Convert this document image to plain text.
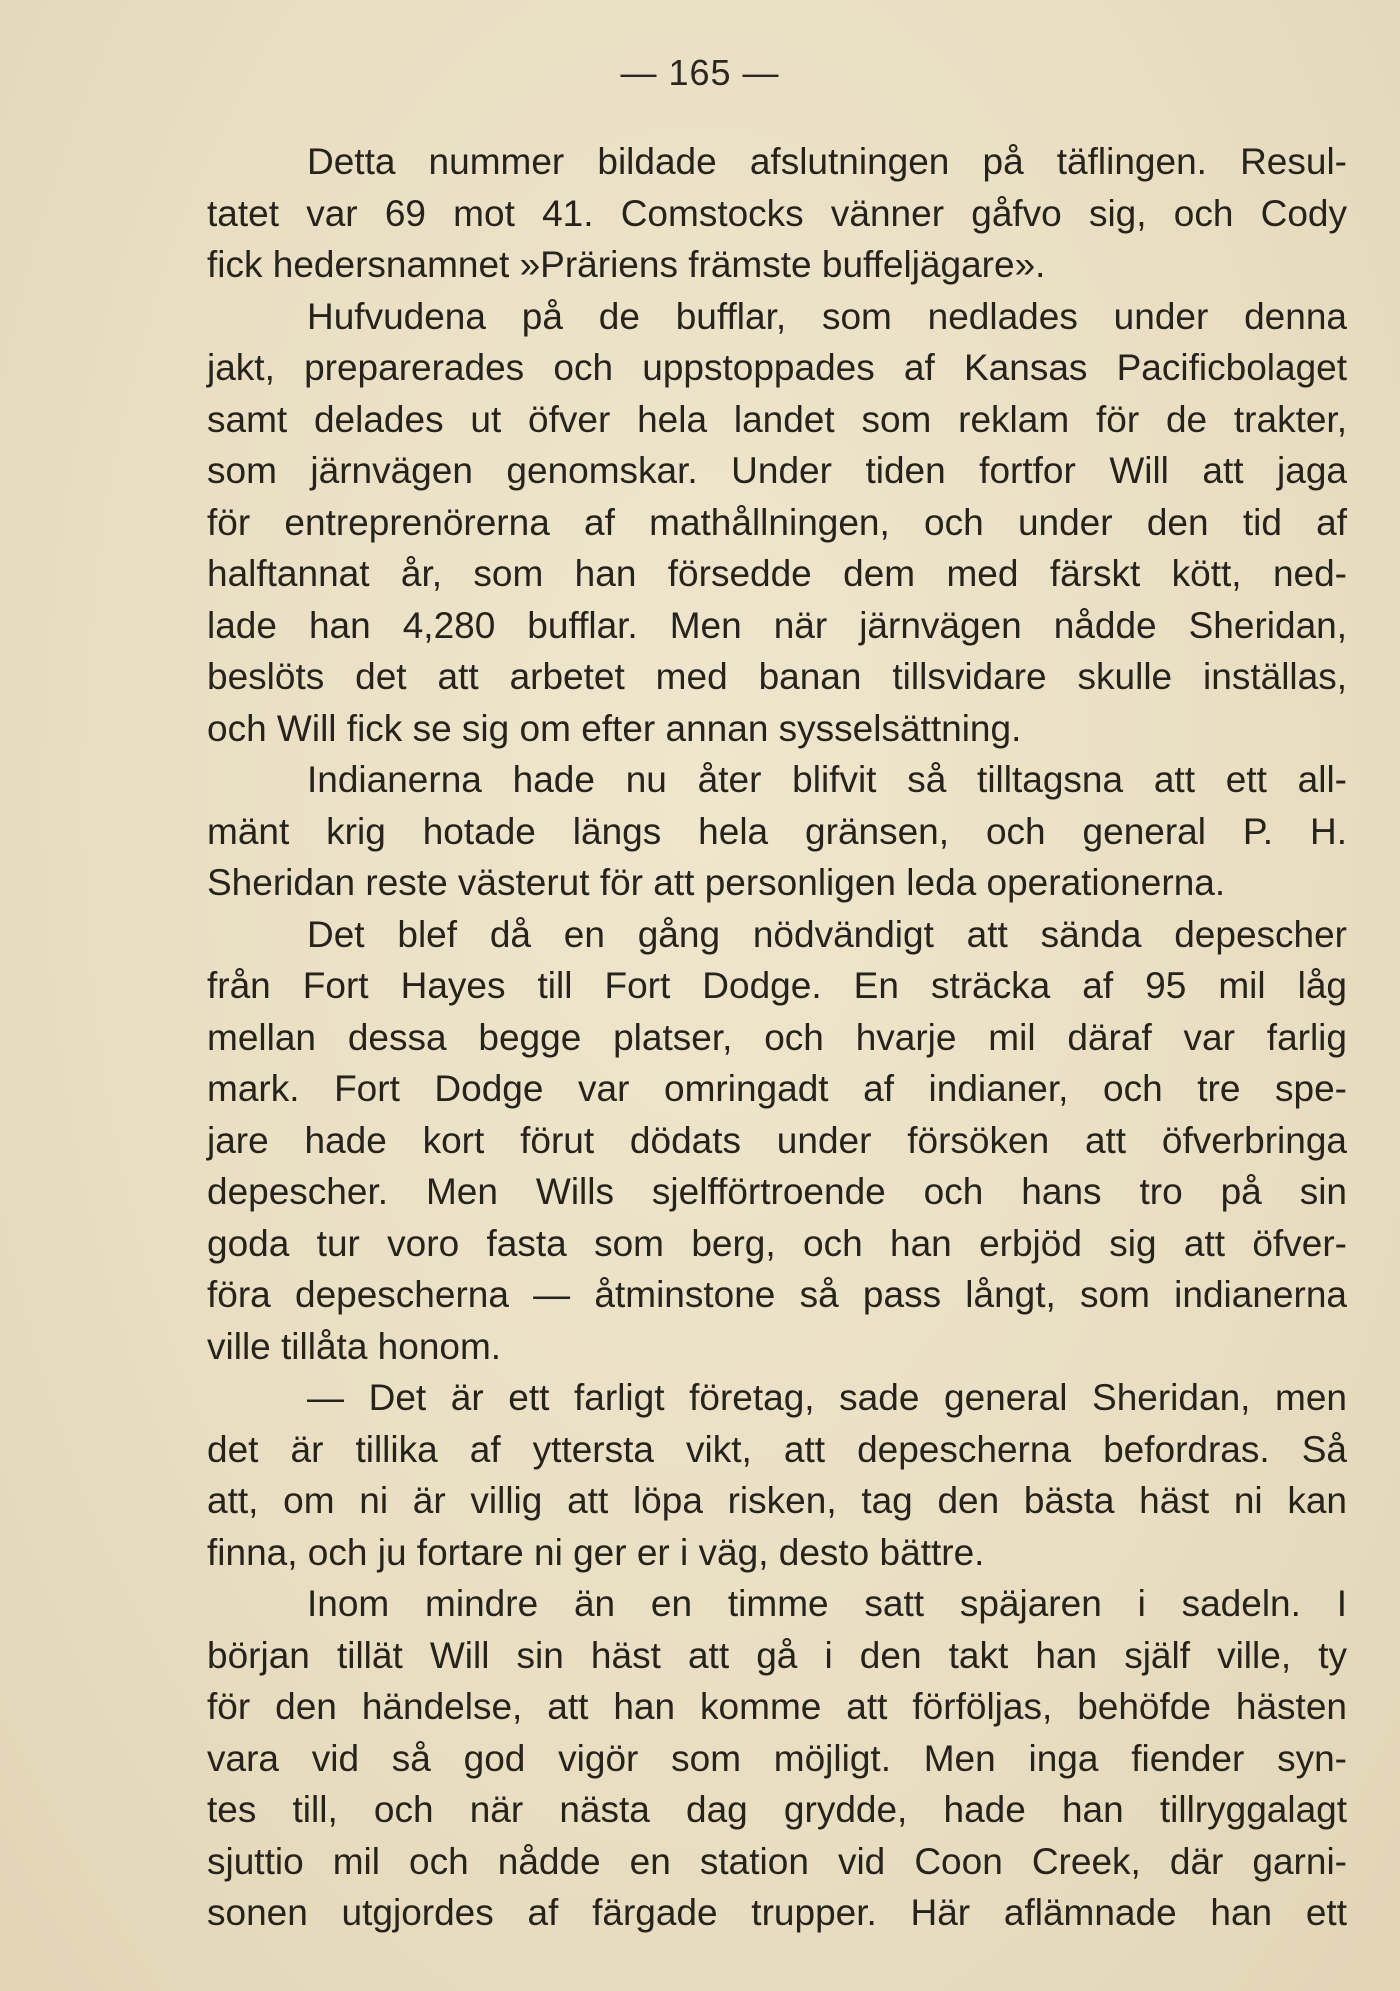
— 165 —
Detta nummer bildade afslutningen på täflingen. Resul-
tatet var 69 mot 41. Comstocks vänner gåfvo sig, och Cody
fick hedersnamnet »Präriens främste buffeljägare».
Hufvudena på de bufflar, som nedlades under denna
jakt, preparerades och uppstoppades af Kansas Pacificbolaget
samt delades ut öfver hela landet som reklam för de trakter,
som järnvägen genomskar. Under tiden fortfor Will att jaga
för entreprenörerna af mathållningen, och under den tid af
halftannat år, som han försedde dem med färskt kött, ned-
lade han 4,280 bufflar. Men när järnvägen nådde Sheridan,
beslöts det att arbetet med banan tillsvidare skulle inställas,
och Will fick se sig om efter annan sysselsättning.
Indianerna hade nu åter blifvit så tilltagsna att ett all-
mänt krig hotade längs hela gränsen, och general P. H.
Sheridan reste västerut för att personligen leda operationerna.
Det blef då en gång nödvändigt att sända depescher
från Fort Hayes till Fort Dodge. En sträcka af 95 mil låg
mellan dessa begge platser, och hvarje mil däraf var farlig
mark. Fort Dodge var omringadt af indianer, och tre spe-
jare hade kort förut dödats under försöken att öfverbringa
depescher. Men Wills sjelfförtroende och hans tro på sin
goda tur voro fasta som berg, och han erbjöd sig att öfver-
föra depescherna — åtminstone så pass långt, som indianerna
ville tillåta honom.
— Det är ett farligt företag, sade general Sheridan, men
det är tillika af yttersta vikt, att depescherna befordras. Så
att, om ni är villig att löpa risken, tag den bästa häst ni kan
finna, och ju fortare ni ger er i väg, desto bättre.
Inom mindre än en timme satt späjaren i sadeln. I
början tillät Will sin häst att gå i den takt han själf ville, ty
för den händelse, att han komme att förföljas, behöfde hästen
vara vid så god vigör som möjligt. Men inga fiender syn-
tes till, och när nästa dag grydde, hade han tillryggalagt
sjuttio mil och nådde en station vid Coon Creek, där garni-
sonen utgjordes af färgade trupper. Här aflämnade han ett
